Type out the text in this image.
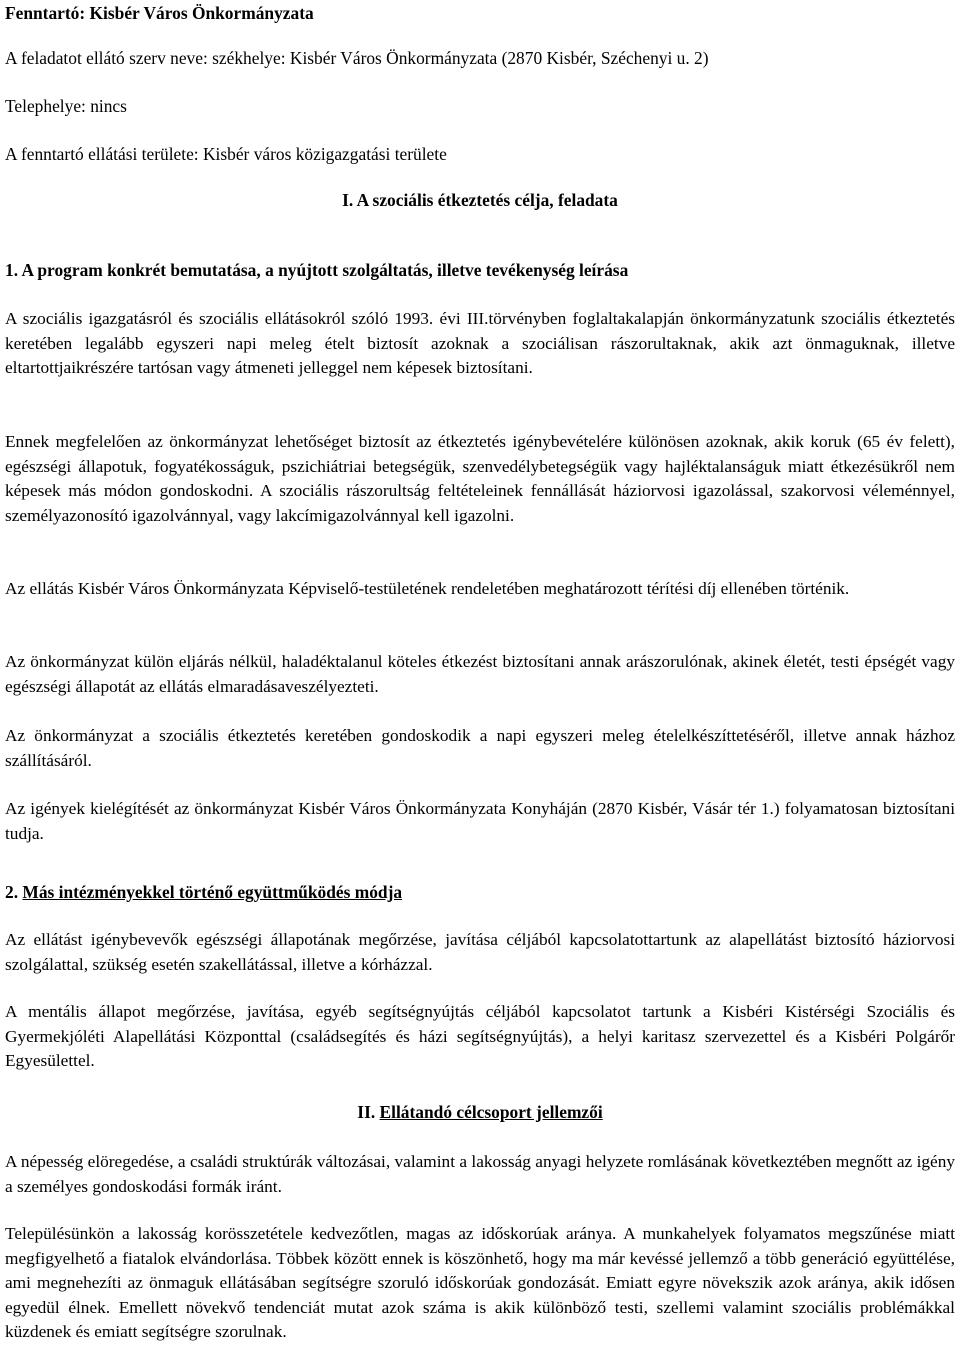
Fenntartó: Kisbér Város Önkormányzata
A feladatot ellátó szerv neve: székhelye: Kisbér Város Önkormányzata (2870 Kisbér, Széchenyi u. 2)
Telephelye: nincs
A fenntartó ellátási területe: Kisbér város közigazgatási területe
I. A szociális étkeztetés célja, feladata
1. A program konkrét bemutatása, a nyújtott szolgáltatás, illetve tevékenység leírása

A szociális igazgatásról és szociális ellátásokról szóló 1993. évi III.törvényben foglaltakalapján önkormányzatunk szociális étkeztetés keretében legalább egyszeri napi meleg ételt biztosít azoknak a szociálisan rászorultaknak, akik azt önmaguknak, illetve eltartottjaikrészére tartósan vagy átmeneti jelleggel nem képesek biztosítani.

Ennek megfelelően az önkormányzat lehetőséget biztosít az étkeztetés igénybevételére különösen azoknak, akik koruk (65 év felett), egészségi állapotuk, fogyatékosságuk, pszichiátriai betegségük, szenvedélybetegségük vagy hajléktalanságuk miatt étkezésükről nem képesek más módon gondoskodni. A szociális rászorultság feltételeinek fennállását háziorvosi igazolással, szakorvosi véleménnyel, személyazonosító igazolvánnyal, vagy lakcímigazolvánnyal kell igazolni.

Az ellátás Kisbér Város Önkormányzata Képviselő-testületének rendeletében meghatározott térítési díj ellenében történik.

Az önkormányzat külön eljárás nélkül, haladéktalanul köteles étkezést biztosítani annak arászorulónak, akinek életét, testi épségét vagy egészségi állapotát az ellátás elmaradásaveszélyezteti.

Az önkormányzat a szociális étkeztetés keretében gondoskodik a napi egyszeri meleg ételelkészíttetéséről, illetve annak házhoz szállításáról.

Az igények kielégítését az önkormányzat Kisbér Város Önkormányzata Konyháján (2870 Kisbér, Vásár tér 1.) folyamatosan biztosítani tudja.

2. Más intézményekkel történő együttműködés módja

Az ellátást igénybevevők egészségi állapotának megőrzése, javítása céljából kapcsolatottartunk az alapellátást biztosító háziorvosi szolgálattal, szükség esetén szakellátással, illetve a kórházzal.

A mentális állapot megőrzése, javítása, egyéb segítségnyújtás céljából kapcsolatot tartunk a Kisbéri Kistérségi Szociális és Gyermekjóléti Alapellátási Központtal (családsegítés és házi segítségnyújtás), a helyi karitasz szervezettel és a Kisbéri Polgárőr Egyesülettel.

II. Ellátandó célcsoport jellemzői

A népesség elöregedése, a családi struktúrák változásai, valamint a lakosság anyagi helyzete romlásának következtében megnőtt az igény a személyes gondoskodási formák iránt.

Településünkön a lakosság korösszetétele kedvezőtlen, magas az időskorúak aránya. A munkahelyek folyamatos megszűnése miatt megfigyelhető a fiatalok elvándorlása. Többek között ennek is köszönhető, hogy ma már kevéssé jellemző a több generáció együttélése, ami megnehezíti az önmaguk ellátásában segítségre szoruló időskorúak gondozását. Emiatt egyre növekszik azok aránya, akik idősen egyedül élnek. Emellett növekvő tendenciát mutat azok száma is akik különböző testi, szellemi valamint szociális problémákkal küzdenek és emiatt segítségre szorulnak.
